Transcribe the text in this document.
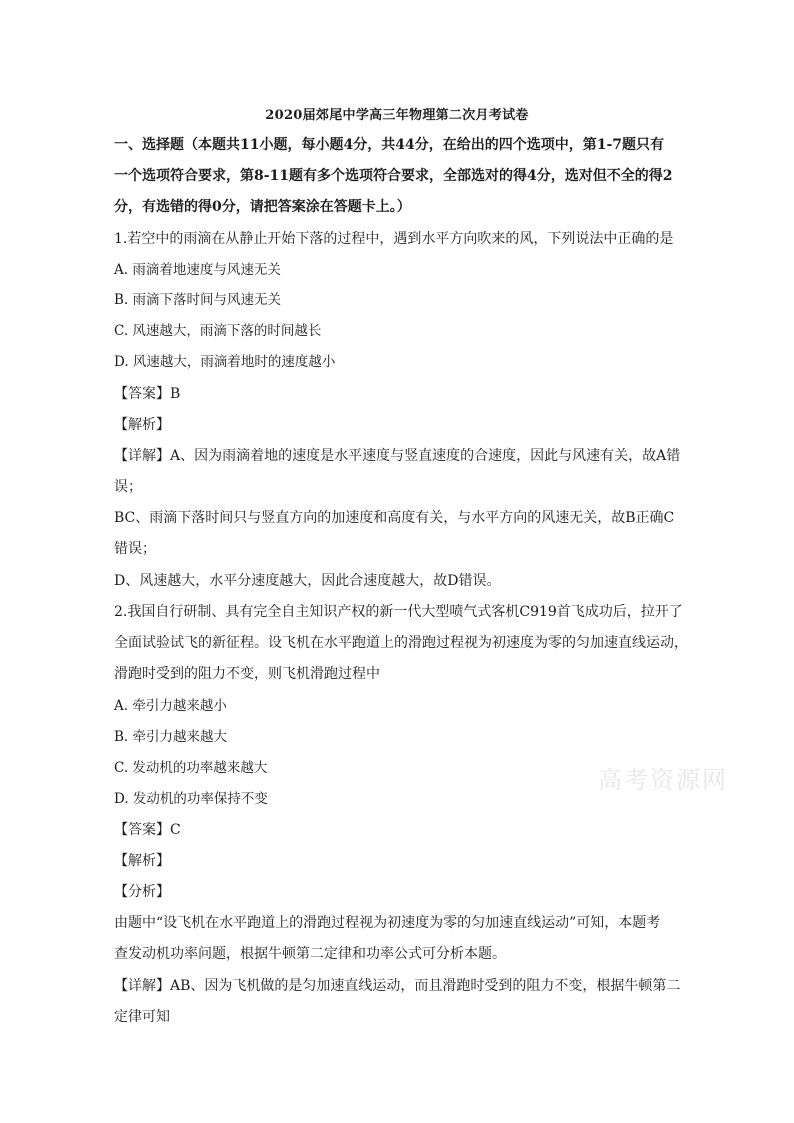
2020届郊尾中学高三年物理第二次月考试卷
一、选择题（本题共11小题，每小题4分，共44分，在给出的四个选项中，第1-7题只有
一个选项符合要求，第8-11题有多个选项符合要求，全部选对的得4分，选对但不全的得2
分，有选错的得0分，请把答案涂在答题卡上。）
1.若空中的雨滴在从静止开始下落的过程中，遇到水平方向吹来的风，下列说法中正确的是
A. 雨滴着地速度与风速无关
B. 雨滴下落时间与风速无关
C. 风速越大，雨滴下落的时间越长
D. 风速越大，雨滴着地时的速度越小
【答案】B
【解析】
【详解】A、因为雨滴着地的速度是水平速度与竖直速度的合速度，因此与风速有关，故A错
误；
BC、雨滴下落时间只与竖直方向的加速度和高度有关，与水平方向的风速无关，故B正确C
错误；
D、风速越大，水平分速度越大，因此合速度越大，故D错误。
2.我国自行研制、具有完全自主知识产权的新一代大型喷气式客机C919首飞成功后，拉开了
全面试验试飞的新征程。设飞机在水平跑道上的滑跑过程视为初速度为零的匀加速直线运动，
滑跑时受到的阻力不变，则飞机滑跑过程中
A. 牵引力越来越小
B. 牵引力越来越大
C. 发动机的功率越来越大
D. 发动机的功率保持不变
【答案】C
【解析】
【分析】
由题中“设飞机在水平跑道上的滑跑过程视为初速度为零的匀加速直线运动”可知，本题考
查发动机功率问题，根据牛顿第二定律和功率公式可分析本题。
【详解】AB、因为飞机做的是匀加速直线运动，而且滑跑时受到的阻力不变，根据牛顿第二
定律可知
高考资源网
